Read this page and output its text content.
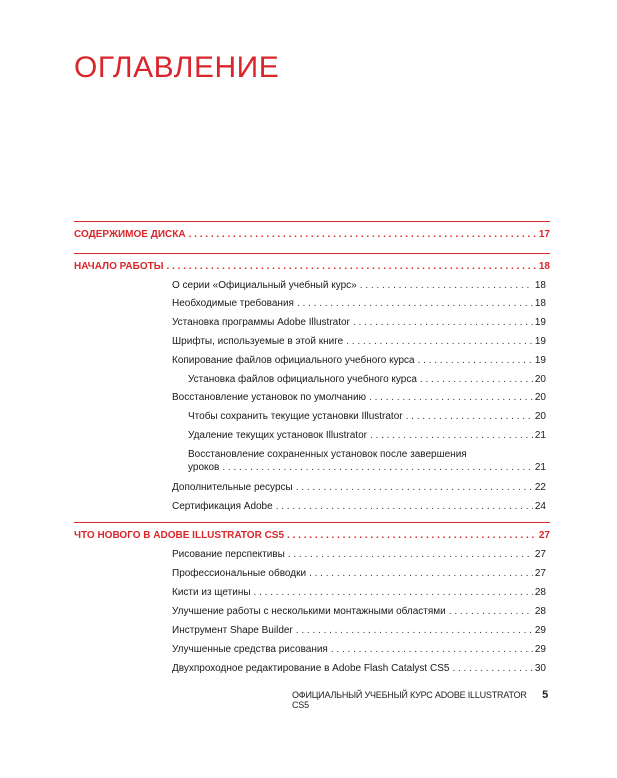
ОГЛАВЛЕНИЕ
СОДЕРЖИМОЕ ДИСКА . . .	17
НАЧАЛО РАБОТЫ . . .	18
О серии «Официальный учебный курс» . . .	18
Необходимые требования . . .	18
Установка программы Adobe Illustrator . . .	19
Шрифты, используемые в этой книге . . .	19
Копирование файлов официального учебного курса . . .	19
Установка файлов официального учебного курса . . .	20
Восстановление установок по умолчанию . . .	20
Чтобы сохранить текущие установки Illustrator . . .	20
Удаление текущих установок Illustrator . . .	21
Восстановление сохраненных установок после завершения
уроков . . .	21
Дополнительные ресурсы . . .	22
Сертификация Adobe . . .	24
ЧТО НОВОГО В ADOBE ILLUSTRATOR CS5 . . .	27
Рисование перспективы . . .	27
Профессиональные обводки . . .	27
Кисти из щетины . . .	28
Улучшение работы с несколькими монтажными областями . . .	28
Инструмент Shape Builder . . .	29
Улучшенные средства рисования . . .	29
Двухпроходное редактирование в Adobe Flash Catalyst CS5 . . .	30
ОФИЦИАЛЬНЫЙ УЧЕБНЫЙ КУРС ADOBE ILLUSTRATOR CS5
5
